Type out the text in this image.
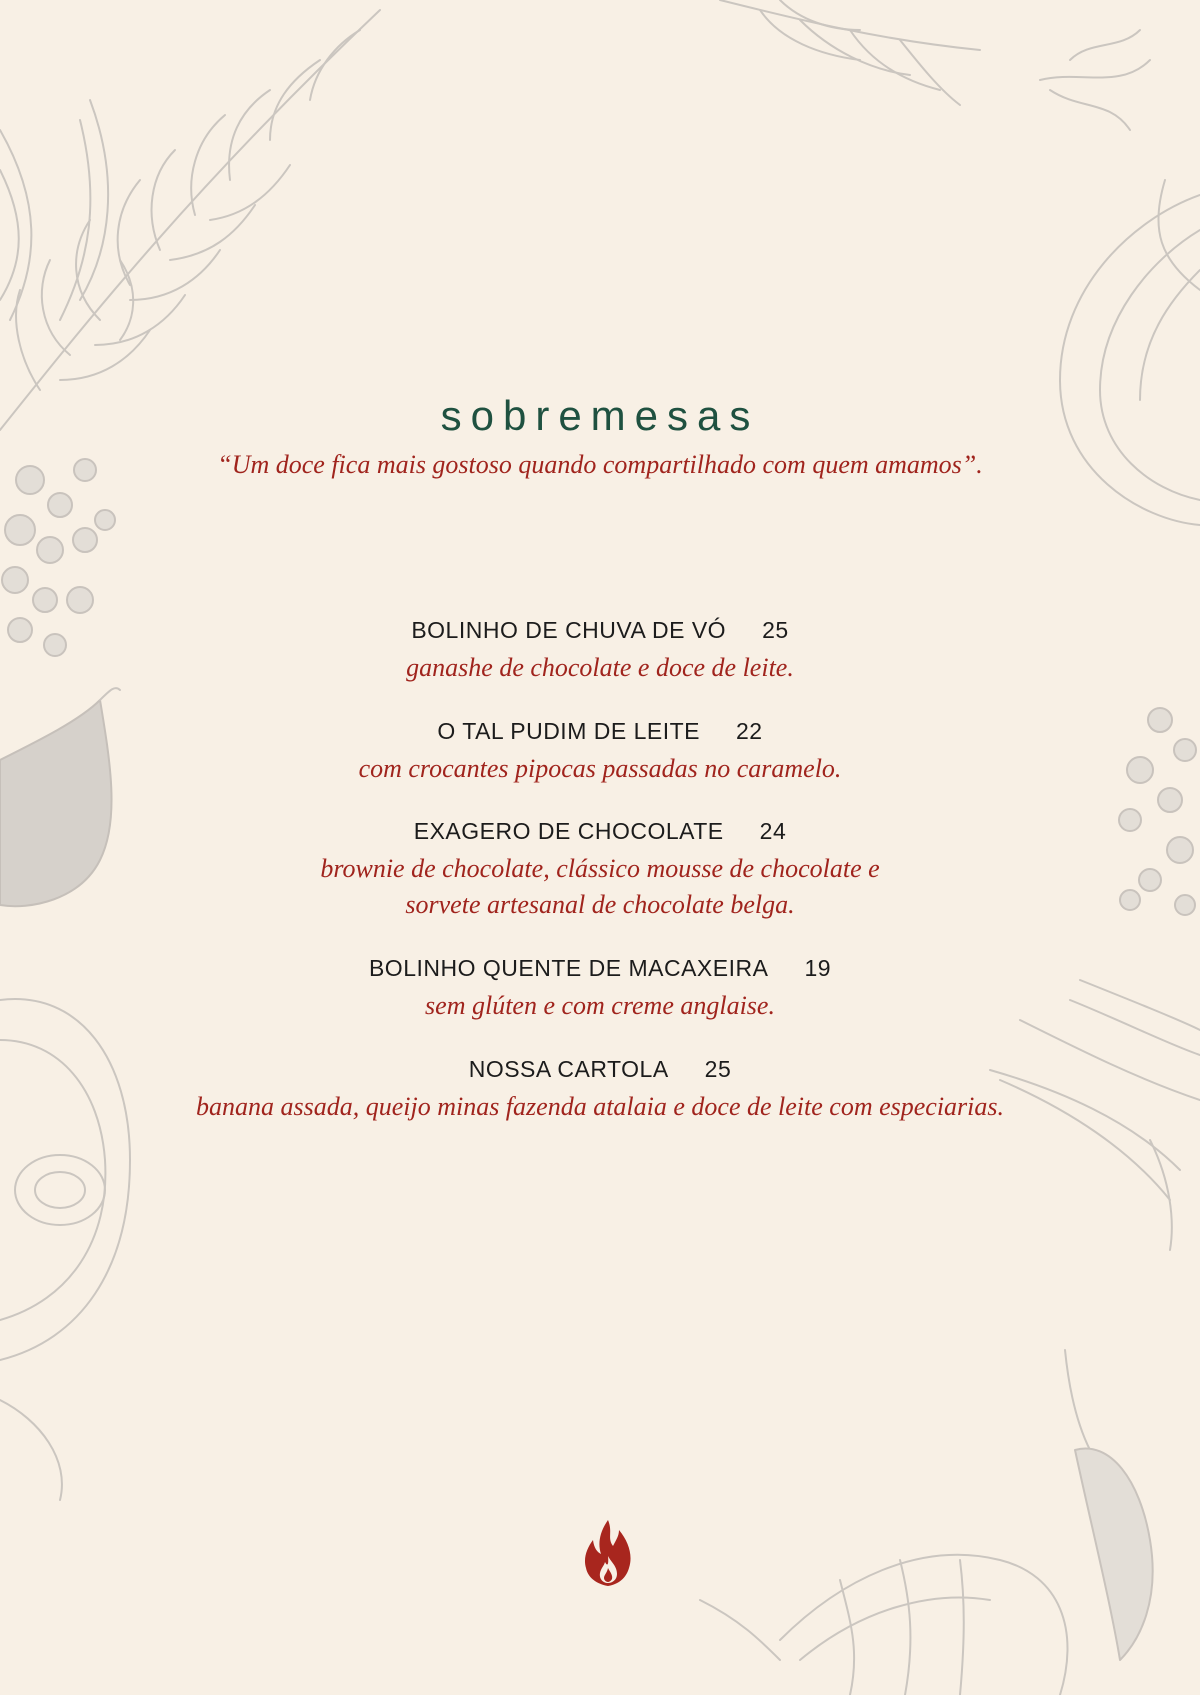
sobremesas
“Um doce fica mais gostoso quando compartilhado com quem amamos”.
BOLINHO DE CHUVA DE VÓ 25
ganashe de chocolate e doce de leite.
O TAL PUDIM DE LEITE 22
com crocantes pipocas passadas no caramelo.
EXAGERO DE CHOCOLATE 24
brownie de chocolate, clássico mousse de chocolate e
sorvete artesanal de chocolate belga.
BOLINHO QUENTE DE MACAXEIRA 19
sem glúten e com creme anglaise.
NOSSA CARTOLA 25
banana assada, queijo minas fazenda atalaia e doce de leite com especiarias.
